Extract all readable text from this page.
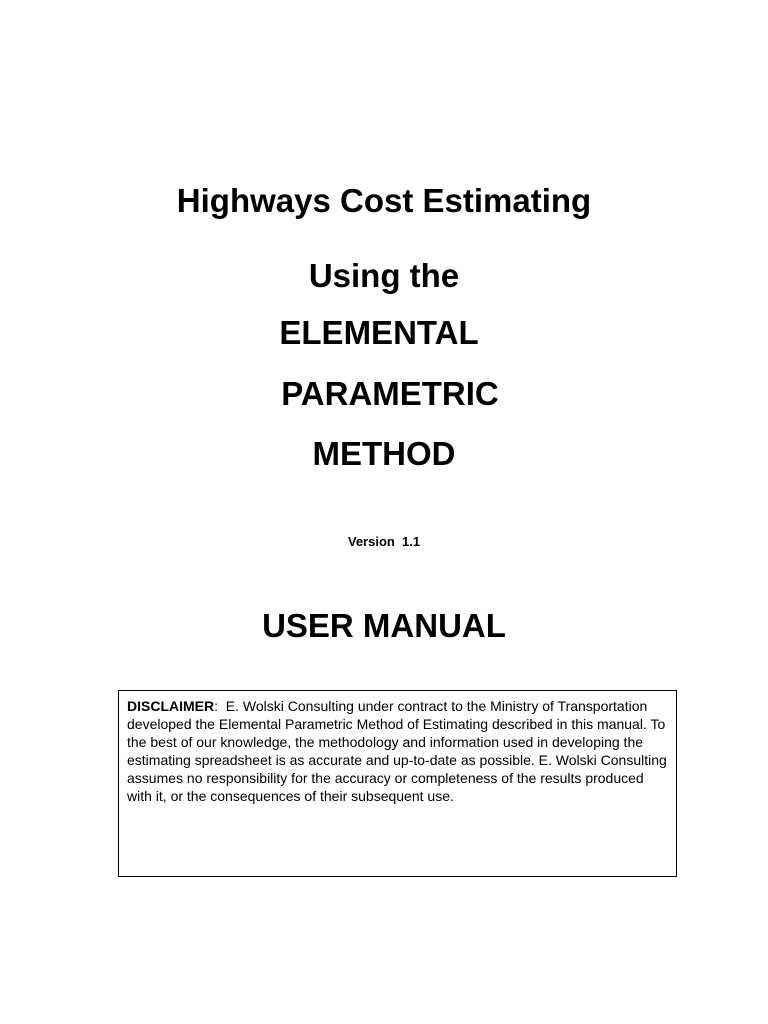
Highways Cost Estimating
Using the
ELEMENTAL
PARAMETRIC
METHOD
Version  1.1
USER MANUAL
DISCLAIMER:  E. Wolski Consulting under contract to the Ministry of Transportation developed the Elemental Parametric Method of Estimating described in this manual. To the best of our knowledge, the methodology and information used in developing the estimating spreadsheet is as accurate and up-to-date as possible. E. Wolski Consulting assumes no responsibility for the accuracy or completeness of the results produced with it, or the consequences of their subsequent use.
